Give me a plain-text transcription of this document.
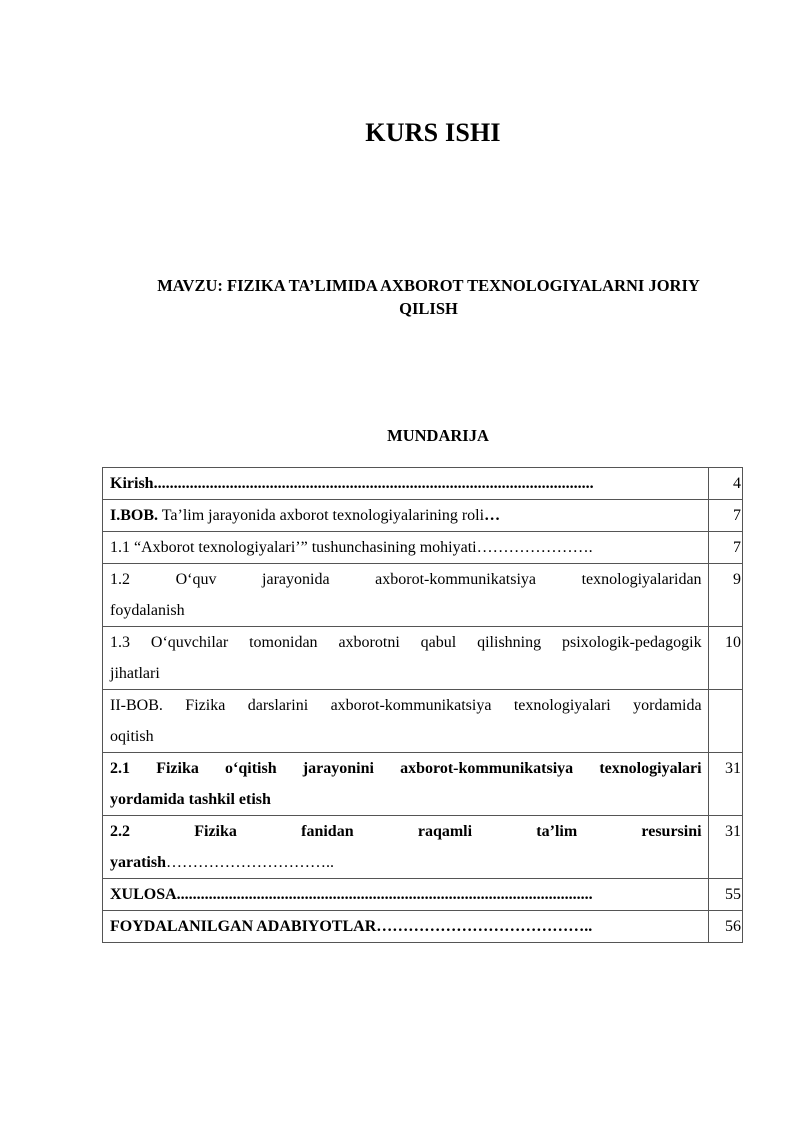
KURS ISHI
MAVZU: FIZIKA TA’LIMIDA AXBOROT TEXNOLOGIYALARNI JORIY
QILISH
MUNDARIJA
Kirish..............................................................................................................	4
I.BOB. Ta’lim jarayonida axborot texnologiyalarining roli…	7
1.1 “Axborot texnologiyalari’” tushunchasining mohiyati………………….	7

1.2 O‘quv jarayonida axborot-kommunikatsiya texnologiyalaridan
foydalanish	9

1.3 O‘quvchilar tomonidan axborotni qabul qilishning psixologik-pedagogik
jihatlari	10

II-BOB. Fizika darslarini axborot-kommunikatsiya texnologiyalari yordamida
oqitish	

2.1 Fizika o‘qitish jarayonini axborot-kommunikatsiya texnologiyalari
yordamida tashkil etish	31

2.2 Fizika fanidan raqamli ta’lim resursini
yaratish…………………………..	31
XULOSA........................................................................................................	55
FOYDALANILGAN ADABIYOTLAR…………………………………..	56
